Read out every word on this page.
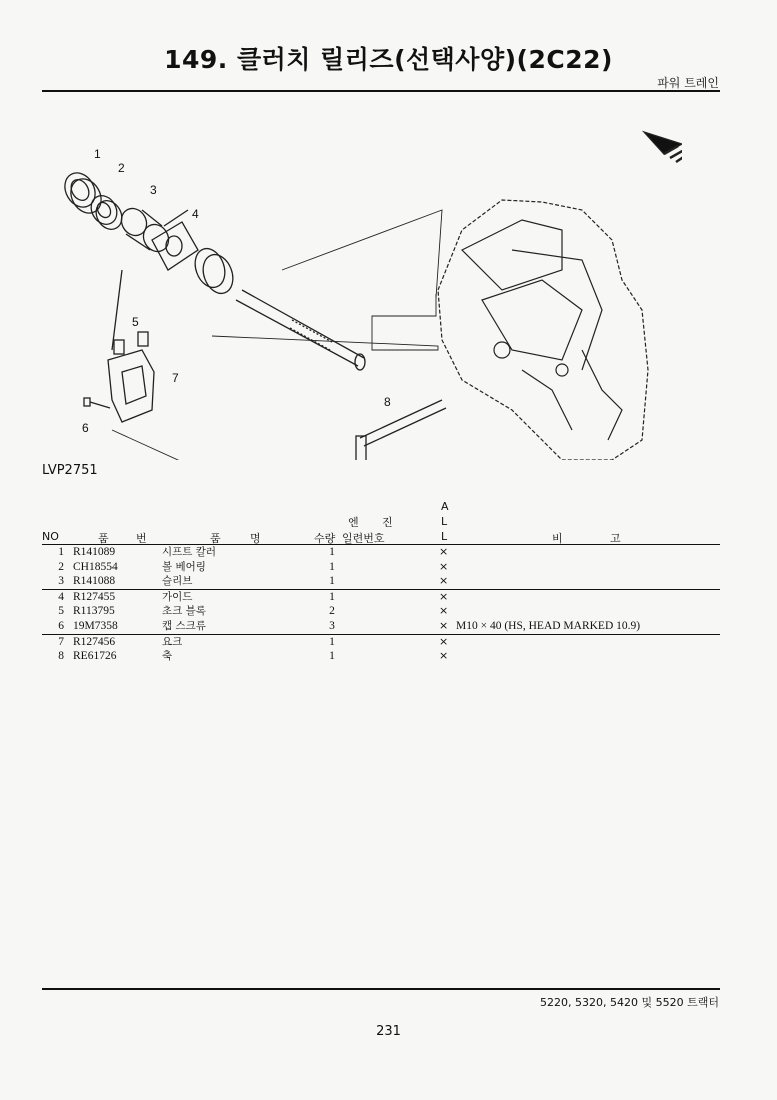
149. 클러치 릴리즈(선택사양)(2C22)
파워 트레인
1
2
3
4
5
6
7
8
LVP2751
NO	품 번	품	명	수량
엔 진
일련번호
A
L
L	비	고
1 R141089	시프트 칼러	1	×
2 CH18554	볼 베어링	1	×
3 R141088	슬리브	1	×
4 R127455	가이드	1	×
5 R113795	초크 블록	2	×
6 19M7358	캡 스크류	3	× M10 × 40 (HS, HEAD MARKED 10.9)
7 R127456	요크	1	×
8 RE61726	축	1	×
5220, 5320, 5420 및 5520 트랙터
231
